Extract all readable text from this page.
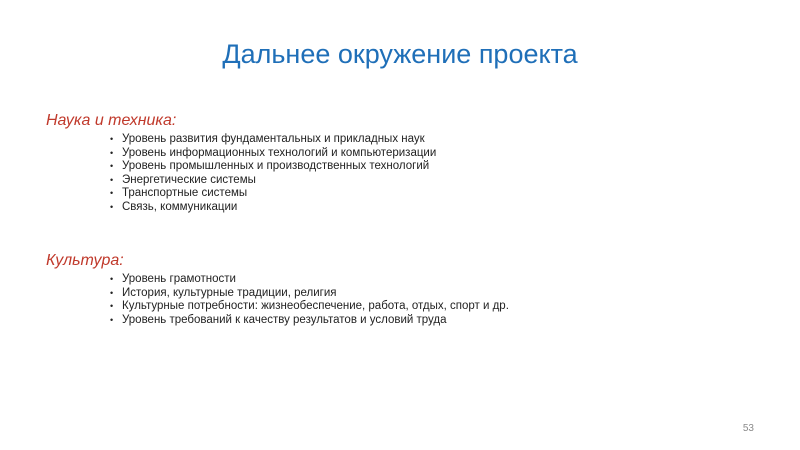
Дальнее окружение проекта
Наука и техника:
• Уровень развития фундаментальных и прикладных наук
• Уровень информационных технологий и компьютеризации
• Уровень промышленных и производственных технологий
• Энергетические системы
• Транспортные системы
• Связь, коммуникации
Культура:
• Уровень грамотности
• История, культурные традиции, религия
• Культурные потребности: жизнеобеспечение, работа, отдых, спорт и др.
• Уровень требований к качеству результатов и условий труда
53
